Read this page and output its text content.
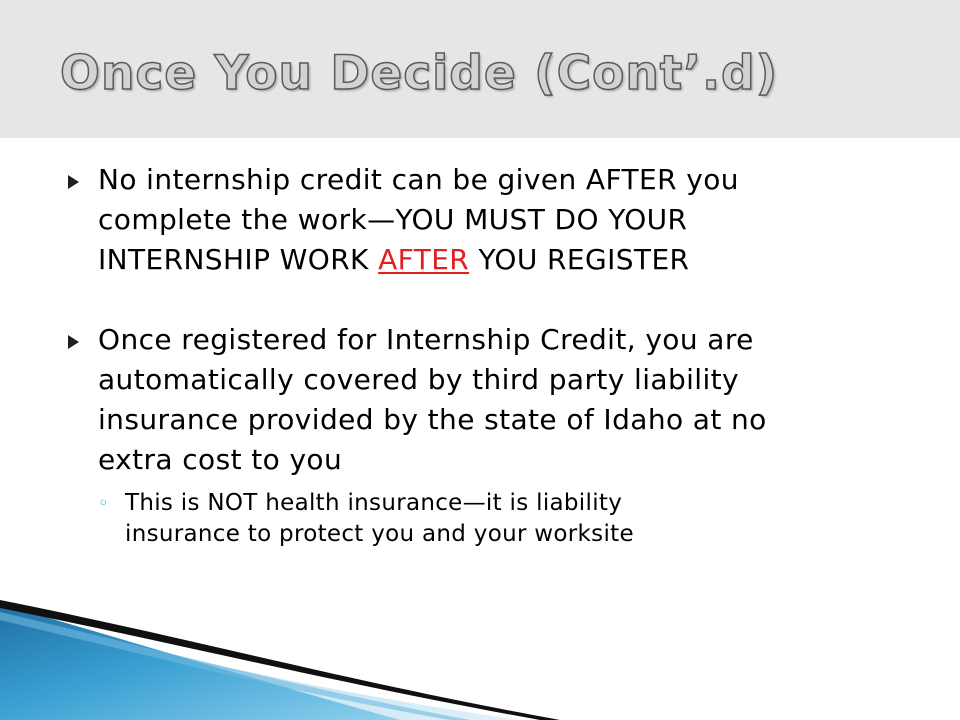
Once You Decide (Cont’.d)
No internship credit can be given AFTER you
complete the work—YOU MUST DO YOUR
INTERNSHIP WORK AFTER YOU REGISTER
Once registered for Internship Credit, you are
automatically covered by third party liability
insurance provided by the state of Idaho at no
extra cost to you
◦ This is NOT health insurance—it is liability
insurance to protect you and your worksite
